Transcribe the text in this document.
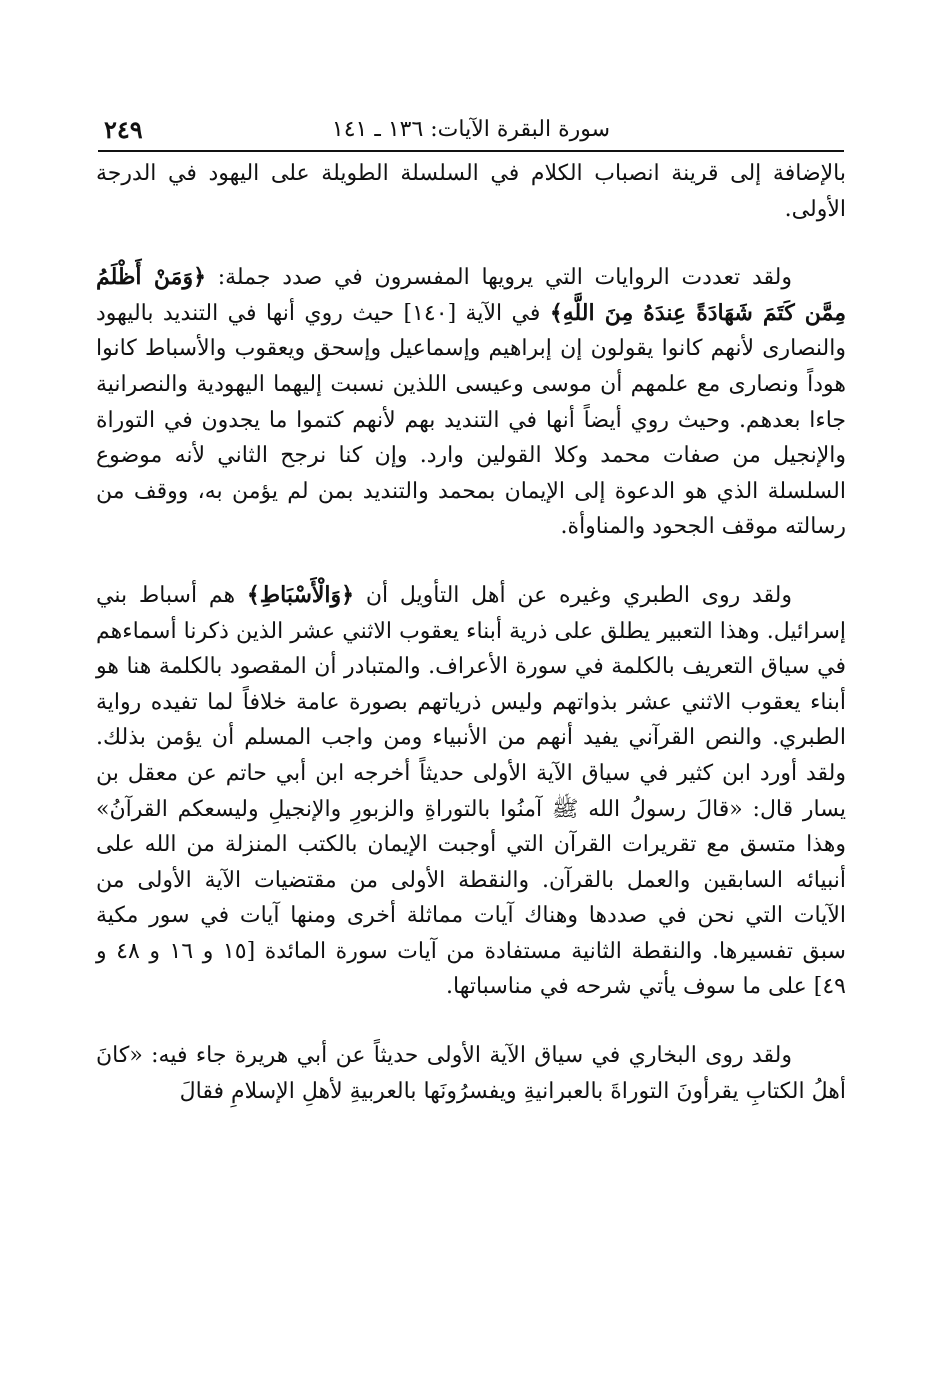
سورة البقرة الآيات: ١٣٦ ـ ١٤١
٢٤٩

بالإضافة إلى قرينة انصباب الكلام في السلسلة الطويلة على اليهود في الدرجة الأولى.

ولقد تعددت الروايات التي يرويها المفسرون في صدد جملة: ﴿وَمَنْ أَظْلَمُ مِمَّن كَتَمَ شَهَادَةً عِندَهُ مِنَ اللَّهِ﴾ في الآية [١٤٠] حيث روي أنها في التنديد باليهود والنصارى لأنهم كانوا يقولون إن إبراهيم وإسماعيل وإسحق ويعقوب والأسباط كانوا هوداً ونصارى مع علمهم أن موسى وعيسى اللذين نسبت إليهما اليهودية والنصرانية جاءا بعدهم. وحيث روي أيضاً أنها في التنديد بهم لأنهم كتموا ما يجدون في التوراة والإنجيل من صفات محمد وكلا القولين وارد. وإن كنا نرجح الثاني لأنه موضوع السلسلة الذي هو الدعوة إلى الإيمان بمحمد والتنديد بمن لم يؤمن به، ووقف من رسالته موقف الجحود والمناوأة.

ولقد روى الطبري وغيره عن أهل التأويل أن ﴿وَالْأَسْبَاطِ﴾ هم أسباط بني إسرائيل. وهذا التعبير يطلق على ذرية أبناء يعقوب الاثني عشر الذين ذكرنا أسماءهم في سياق التعريف بالكلمة في سورة الأعراف. والمتبادر أن المقصود بالكلمة هنا هو أبناء يعقوب الاثني عشر بذواتهم وليس ذرياتهم بصورة عامة خلافاً لما تفيده رواية الطبري. والنص القرآني يفيد أنهم من الأنبياء ومن واجب المسلم أن يؤمن بذلك. ولقد أورد ابن كثير في سياق الآية الأولى حديثاً أخرجه ابن أبي حاتم عن معقل بن يسار قال: «قالَ رسولُ الله ﷺ آمنُوا بالتوراةِ والزبورِ والإنجيلِ وليسعكم القرآنُ» وهذا متسق مع تقريرات القرآن التي أوجبت الإيمان بالكتب المنزلة من الله على أنبيائه السابقين والعمل بالقرآن. والنقطة الأولى من مقتضيات الآية الأولى من الآيات التي نحن في صددها وهناك آيات مماثلة أخرى ومنها آيات في سور مكية سبق تفسيرها. والنقطة الثانية مستفادة من آيات سورة المائدة [١٥ و ١٦ و ٤٨ و ٤٩] على ما سوف يأتي شرحه في مناسباتها.

ولقد روى البخاري في سياق الآية الأولى حديثاً عن أبي هريرة جاء فيه: «كانَ أهلُ الكتابِ يقرأونَ التوراةَ بالعبرانيةِ ويفسرُونَها بالعربيةِ لأهلِ الإسلامِ فقالَ
